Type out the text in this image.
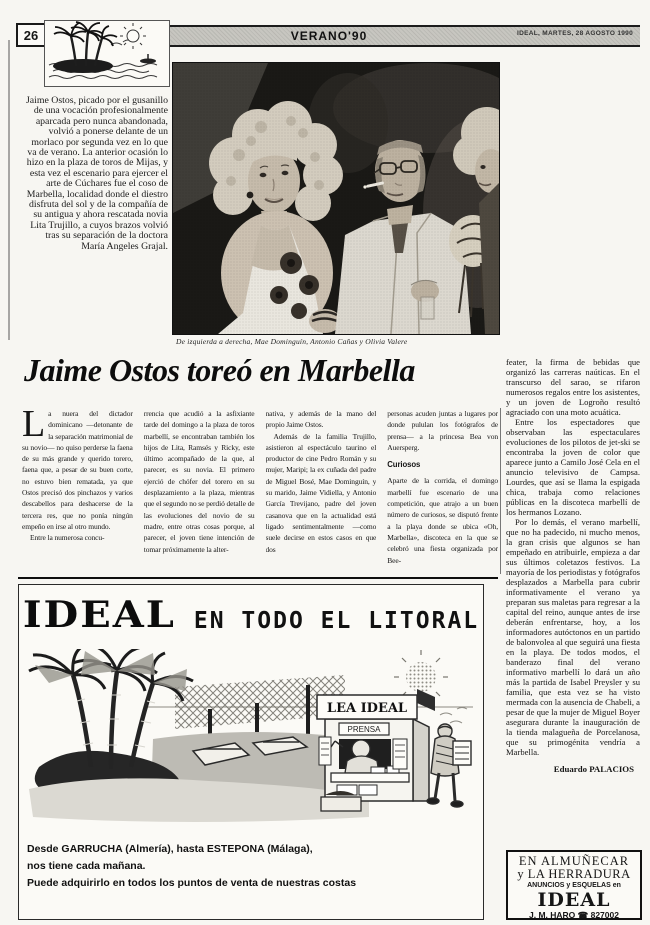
VERANO'90	IDEAL, MARTES, 28 AGOSTO 1990
26
Jaime Ostos, picado por el gusanillo de una vocación profesionalmente aparcada pero nunca abandonada, volvió a ponerse delante de un morlaco por segunda vez en lo que va de verano. La anterior ocasión lo hizo en la plaza de toros de Mijas, y esta vez el escenario para ejercer el arte de Cúchares fue el coso de Marbella, localidad donde el diestro disfruta del sol y de la compañía de su antigua y ahora rescatada novia Lita Trujillo, a cuyos brazos volvió tras su separación de la doctora María Angeles Grajal.
De izquierda a derecha, Mae Dominguín, Antonio Cañas y Olivia Valere
Jaime Ostos toreó en Marbella

La nuera del dictador dominicano —detonante de la separación matrimonial de su novio— no quiso perderse la faena de su más grande y querido torero, faena que, a pesar de su buen corte, no estuvo bien rematada, ya que Ostos precisó dos pinchazos y varios descabellos para deshacerse de la tercera res, que no ponía ningún empeño en irse al otro mundo.

Entre la numerosa concu-

rrencia que acudió a la asfixiante tarde del domingo a la plaza de toros marbellí, se encontraban también los hijos de Lita, Ramsés y Ricky, este último acompañado de la que, al parecer, es su novia. El primero ejerció de chófer del torero en su desplazamiento a la plaza, mientras que el segundo no se perdió detalle de las evoluciones del novio de su madre, entre otras cosas porque, al parecer, el joven tiene intención de tomar próximamente la alter-

nativa, y además de la mano del propio Jaime Ostos.

Además de la familia Trujillo, asistieron al espectáculo taurino el productor de cine Pedro Román y su mujer, Maripi; la ex cuñada del padre de Miguel Bosé, Mae Dominguín, y su marido, Jaime Vidiella, y Antonio García Trevijano, padre del joven casanova que en la actualidad está ligado sentimentalmente —como suele decirse en estos casos en que dos

personas acuden juntas a lugares por donde pululan los fotógrafos de prensa— a la princesa Bea von Auersperg.

Curiosos

Aparte de la corrida, el domingo marbellí fue escenario de una competición, que atrajo a un buen número de curiosos, se disputó frente a la playa donde se ubica «Oh, Marbella», discoteca en la que se celebró una fiesta organizada por Bee-

feater, la firma de bebidas que organizó las carreras naúticas. En el transcurso del sarao, se rifaron numerosos regalos entre los asistentes, y un joven de Logroño resultó agraciado con una moto acuática.

Entre los espectadores que observaban las espectaculares evoluciones de los pilotos de jet-ski se encontraba la joven de color que aparece junto a Camilo José Cela en el anuncio televisivo de Campsa. Lourdes, que así se llama la espigada chica, trabaja como relaciones públicas en la discoteca marbellí de los hermanos Lozano.

Por lo demás, el verano marbellí, que no ha padecido, ni mucho menos, la gran crisis que algunos se han empeñado en atribuirle, empieza a dar sus últimos coletazos festivos. La mayoría de los periodistas y fotógrafos desplazados a Marbella para cubrir informativamente el verano ya preparan sus maletas para regresar a la capital del reino, aunque antes de irse deberán enfrentarse, hoy, a los informadores autóctonos en un partido de balonvolea al que seguirá una fiesta en la playa. De todos modos, el banderazo final del verano informativo marbellí lo dará un año más la partida de Isabel Preysler y su familia, que esta vez se ha visto mermada con la ausencia de Chabeli, a pesar de que la mujer de Miguel Boyer asegurara durante la inauguración de la tienda malagueña de Porcelanosa, que su primogénita vendría a Marbella.

Eduardo PALACIOS

IDEAL EN TODO EL LITORAL
LEA IDEAL
PRENSA
Desde GARRUCHA (Almería), hasta ESTEPONA (Málaga),
nos tiene cada mañana.
Puede adquirirlo en todos los puntos de venta de nuestras costas
EN ALMUÑECAR
y LA HERRADURA
ANUNCIOS y ESQUELAS en
IDEAL
J. M. HARO ☎ 827002
